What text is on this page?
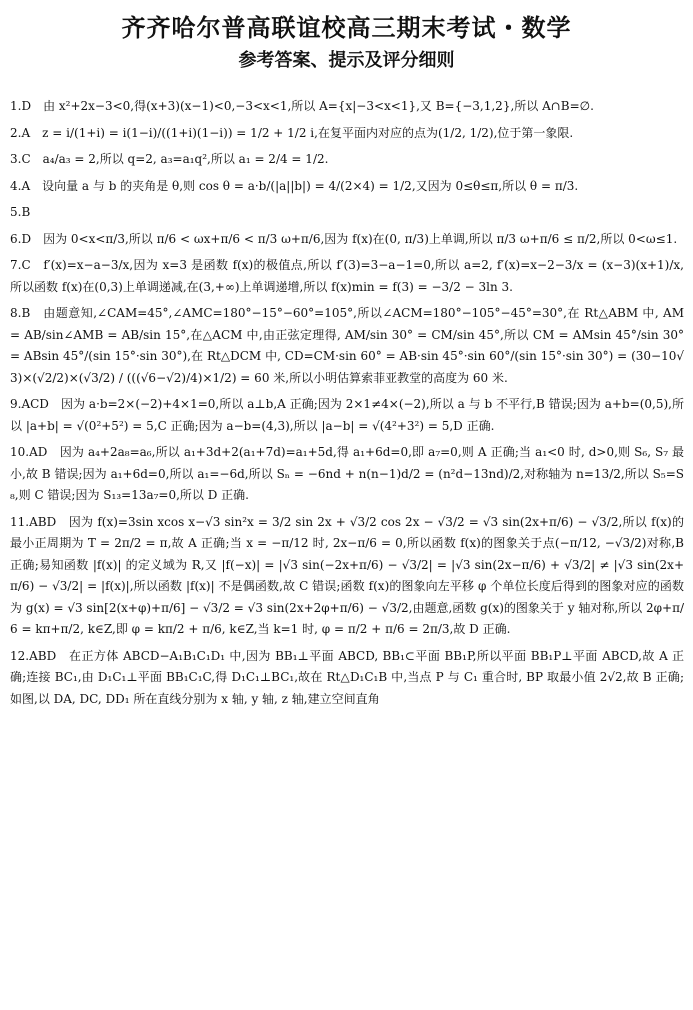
齐齐哈尔普高联谊校高三期末考试・数学
参考答案、提示及评分细则
1.D　由 x²+2x−3<0,得(x+3)(x−1)<0,−3<x<1,所以 A={x|−3<x<1},又 B={−3,1,2},所以 A∩B=∅.
2.A　z = i/(1+i) = i(1−i)/((1+i)(1−i)) = 1/2 + 1/2 i,在复平面内对应的点为(1/2, 1/2),位于第一象限.
3.C　a₄/a₃ = 2,所以 q=2, a₃=a₁q²,所以 a₁ = 2/4 = 1/2.
4.A　设向量 a 与 b 的夹角是 θ,则 cos θ = a·b/(|a||b|) = 4/(2×4) = 1/2,又因为 0≤θ≤π,所以 θ = π/3.
5.B
6.D　因为 0<x<π/3,所以 π/6 < ωx+π/6 < π/3 ω+π/6,因为 f(x)在(0, π/3)上单调,所以 π/3 ω+π/6 ≤ π/2,所以 0<ω≤1.
7.C　f′(x)=x−a−3/x,因为 x=3 是函数 f(x)的极值点,所以 f′(3)=3−a−1=0,所以 a=2, f′(x)=x−2−3/x = (x−3)(x+1)/x,所以函数 f(x)在(0,3)上单调递减,在(3,+∞)上单调递增,所以 f(x)min = f(3) = −3/2 − 3ln 3.
8.B　由题意知,∠CAM=45°,∠AMC=180°−15°−60°=105°,所以∠ACM=180°−105°−45°=30°,在 Rt△ABM 中, AM = AB/sin∠AMB = AB/sin 15°,在△ACM 中,由正弦定理得, AM/sin 30° = CM/sin 45°,所以 CM = AMsin 45°/sin 30° = ABsin 45°/(sin 15°·sin 30°),在 Rt△DCM 中, CD=CM·sin 60° = AB·sin 45°·sin 60°/(sin 15°·sin 30°) = (30−10√3)×(√2/2)×(√3/2) / (((√6−√2)/4)×1/2) = 60 米,所以小明估算索菲亚教堂的高度为 60 米.
9.ACD　因为 a·b=2×(−2)+4×1=0,所以 a⊥b,A 正确;因为 2×1≠4×(−2),所以 a 与 b 不平行,B 错误;因为 a+b=(0,5),所以 |a+b| = √(0²+5²) = 5,C 正确;因为 a−b=(4,3),所以 |a−b| = √(4²+3²) = 5,D 正确.
10.AD　因为 a₄+2a₈=a₆,所以 a₁+3d+2(a₁+7d)=a₁+5d,得 a₁+6d=0,即 a₇=0,则 A 正确;当 a₁<0 时, d>0,则 S₆, S₇ 最小,故 B 错误;因为 a₁+6d=0,所以 a₁=−6d,所以 Sₙ = −6nd + n(n−1)d/2 = (n²d−13nd)/2,对称轴为 n=13/2,所以 S₅=S₈,则 C 错误;因为 S₁₃=13a₇=0,所以 D 正确.
11.ABD　因为 f(x)=3sin xcos x−√3 sin²x = 3/2 sin 2x + √3/2 cos 2x − √3/2 = √3 sin(2x+π/6) − √3/2,所以 f(x)的最小正周期为 T = 2π/2 = π,故 A 正确;当 x = −π/12 时, 2x−π/6 = 0,所以函数 f(x)的图象关于点(−π/12, −√3/2)对称,B 正确;易知函数 |f(x)| 的定义域为 R,又 |f(−x)| = |√3 sin(−2x+π/6) − √3/2| = |√3 sin(2x−π/6) + √3/2| ≠ |√3 sin(2x+π/6) − √3/2| = |f(x)|,所以函数 |f(x)| 不是偶函数,故 C 错误;函数 f(x)的图象向左平移 φ 个单位长度后得到的图象对应的函数为 g(x) = √3 sin[2(x+φ)+π/6] − √3/2 = √3 sin(2x+2φ+π/6) − √3/2,由题意,函数 g(x)的图象关于 y 轴对称,所以 2φ+π/6 = kπ+π/2, k∈Z,即 φ = kπ/2 + π/6, k∈Z,当 k=1 时, φ = π/2 + π/6 = 2π/3,故 D 正确.
12.ABD　在正方体 ABCD−A₁B₁C₁D₁ 中,因为 BB₁⊥平面 ABCD, BB₁⊂平面 BB₁P,所以平面 BB₁P⊥平面 ABCD,故 A 正确;连接 BC₁,由 D₁C₁⊥平面 BB₁C₁C,得 D₁C₁⊥BC₁,故在 Rt△D₁C₁B 中,当点 P 与 C₁ 重合时, BP 取最小值 2√2,故 B 正确;如图,以 DA, DC, DD₁ 所在直线分别为 x 轴, y 轴, z 轴,建立空间直角
